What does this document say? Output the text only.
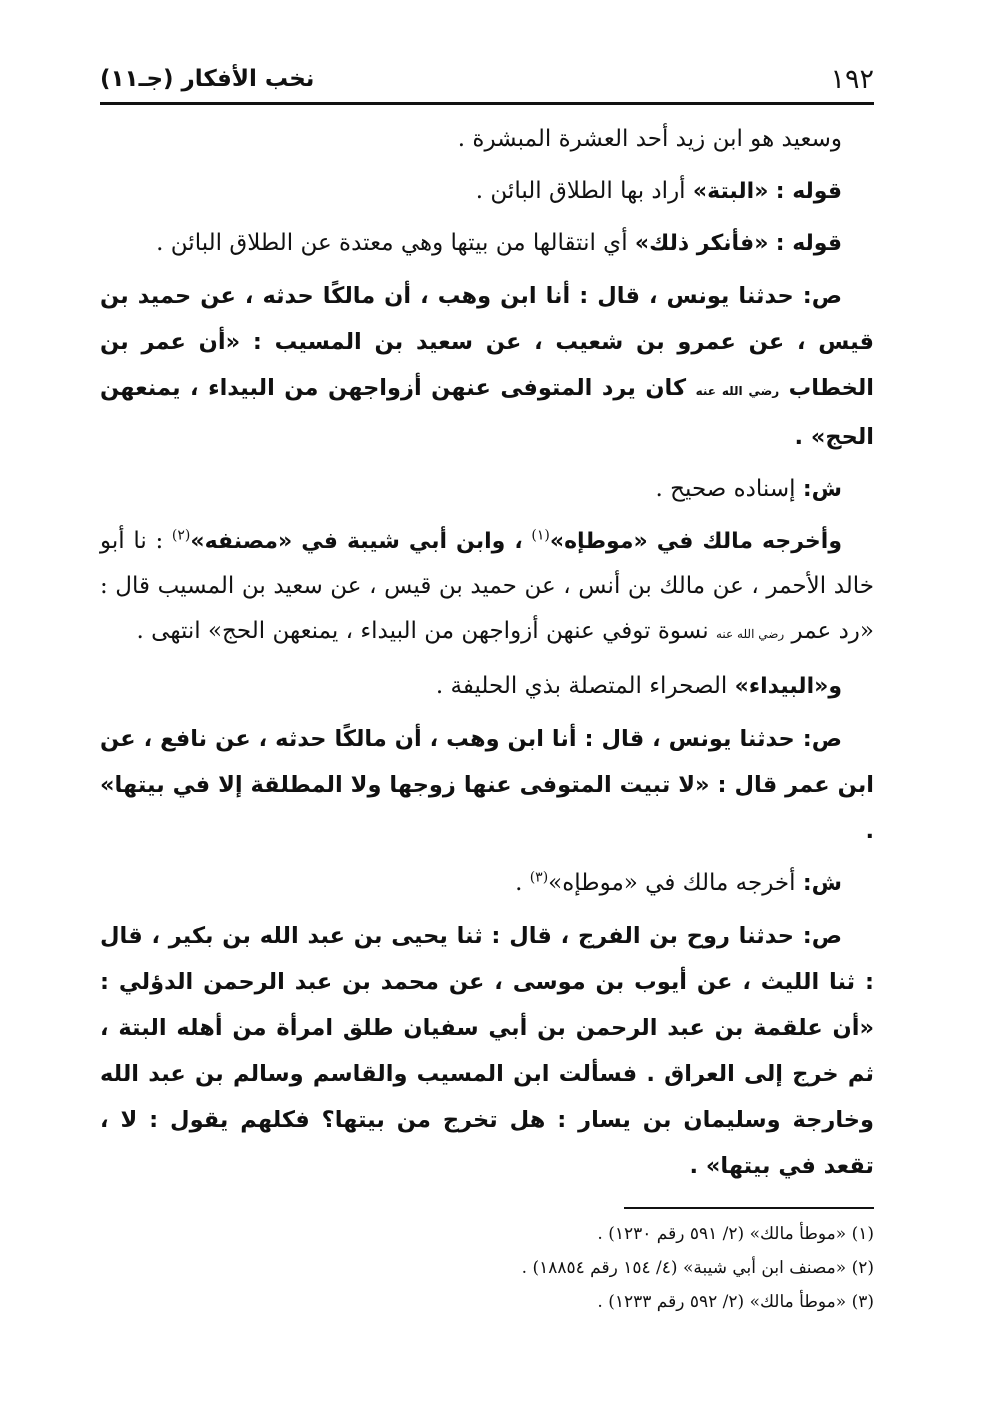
١٩٢
نخب الأفكار (جـ١١)

وسعيد هو ابن زيد أحد العشرة المبشرة .

قوله : «البتة» أراد بها الطلاق البائن .

قوله : «فأنكر ذلك» أي انتقالها من بيتها وهي معتدة عن الطلاق البائن .

ص: حدثنا يونس ، قال : أنا ابن وهب ، أن مالكًا حدثه ، عن حميد بن قيس ، عن عمرو بن شعيب ، عن سعيد بن المسيب : «أن عمر بن الخطاب رضي الله عنه كان يرد المتوفى عنهن أزواجهن من البيداء ، يمنعهن الحج» .

ش: إسناده صحيح .

وأخرجه مالك في «موطإه»$^{(١)}$ ، وابن أبي شيبة في «مصنفه»$^{(٢)}$ : نا أبو خالد الأحمر ، عن مالك بن أنس ، عن حميد بن قيس ، عن سعيد بن المسيب قال : «رد عمر رضي الله عنه نسوة توفي عنهن أزواجهن من البيداء ، يمنعهن الحج» انتهى .

و«البيداء» الصحراء المتصلة بذي الحليفة .

ص: حدثنا يونس ، قال : أنا ابن وهب ، أن مالكًا حدثه ، عن نافع ، عن ابن عمر قال : «لا تبيت المتوفى عنها زوجها ولا المطلقة إلا في بيتها» .

ش: أخرجه مالك في «موطإه»$^{(٣)}$ .

ص: حدثنا روح بن الفرج ، قال : ثنا يحيى بن عبد الله بن بكير ، قال : ثنا الليث ، عن أيوب بن موسى ، عن محمد بن عبد الرحمن الدؤلي : «أن علقمة بن عبد الرحمن بن أبي سفيان طلق امرأة من أهله البتة ، ثم خرج إلى العراق . فسألت ابن المسيب والقاسم وسالم بن عبد الله وخارجة وسليمان بن يسار : هل تخرج من بيتها؟ فكلهم يقول : لا ، تقعد في بيتها» .

(١) «موطأ مالك» (٢/ ٥٩١ رقم ١٢٣٠) .

(٢) «مصنف ابن أبي شيبة» (٤/ ١٥٤ رقم ١٨٨٥٤) .

(٣) «موطأ مالك» (٢/ ٥٩٢ رقم ١٢٣٣) .
